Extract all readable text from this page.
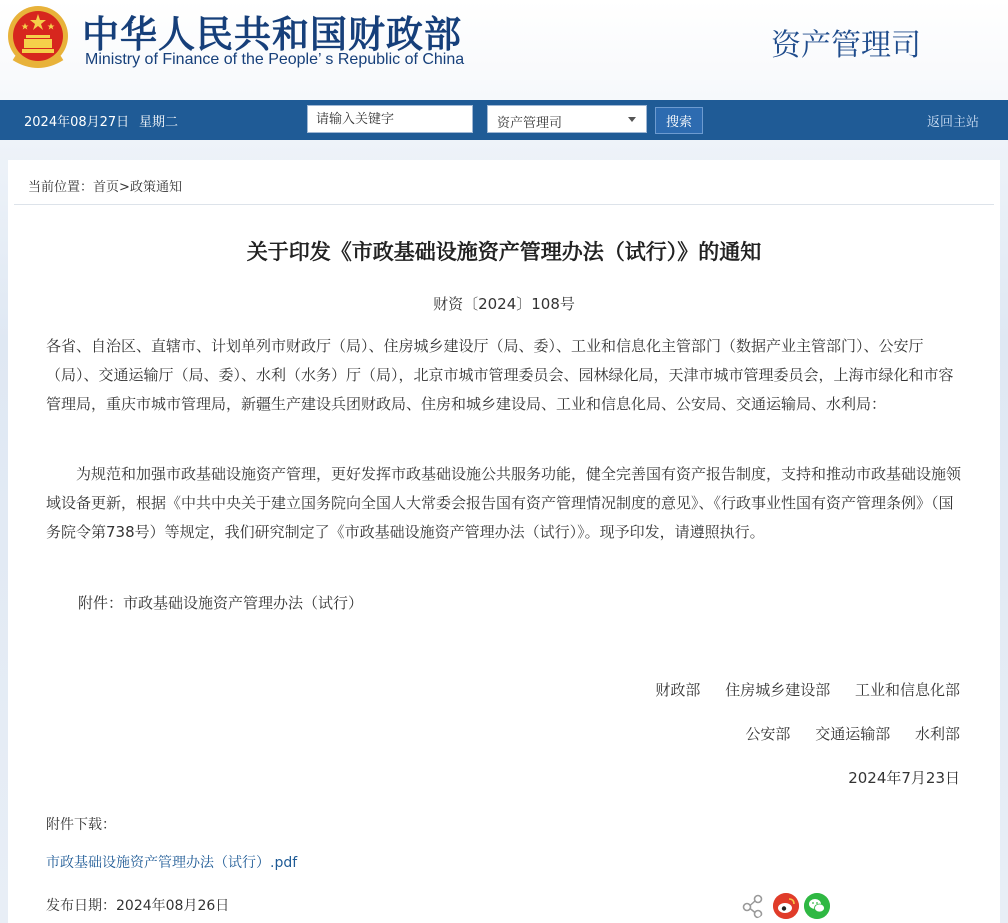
中华人民共和国财政部
Ministry of Finance of the People’ s Republic of China	资产管理司
2024年08月27日 星期二
请输入关键字	资产管理司	搜索	返回主站
当前位置：首页>政策通知
关于印发《市政基础设施资产管理办法（试行）》的通知
财资〔2024〕108号
各省、自治区、直辖市、计划单列市财政厅（局）、住房城乡建设厅（局、委）、工业和信息化主管部门（数据产业主管部门）、公安厅（局）、交通运输厅（局、委）、水利（水务）厅（局），北京市城市管理委员会、园林绿化局，天津市城市管理委员会，上海市绿化和市容管理局，重庆市城市管理局，新疆生产建设兵团财政局、住房和城乡建设局、工业和信息化局、公安局、交通运输局、水利局：
为规范和加强市政基础设施资产管理，更好发挥市政基础设施公共服务功能，健全完善国有资产报告制度，支持和推动市政基础设施领域设备更新，根据《中共中央关于建立国务院向全国人大常委会报告国有资产管理情况制度的意见》、《行政事业性国有资产管理条例》（国务院令第738号）等规定，我们研究制定了《市政基础设施资产管理办法（试行）》。现予印发，请遵照执行。
附件：市政基础设施资产管理办法（试行）
财政部 住房城乡建设部 工业和信息化部
公安部 交通运输部 水利部
2024年7月23日
附件下载：
市政基础设施资产管理办法（试行）.pdf
发布日期：2024年08月26日
